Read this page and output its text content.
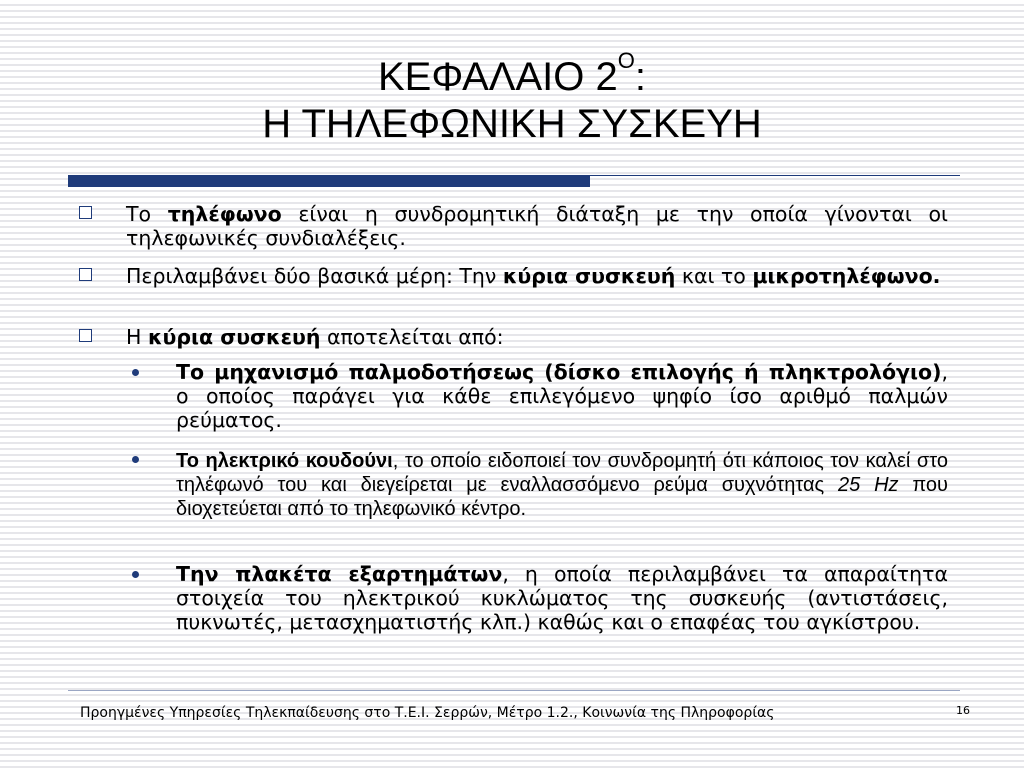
ΚΕΦΑΛΑΙΟ $2^O$:
Η ΤΗΛΕΦΩΝΙΚΗ ΣΥΣΚΕΥΗ
Το τηλέφωνο είναι η συνδρομητική διάταξη με την οποία γίνονται οι τηλεφωνικές συνδιαλέξεις.
Περιλαμβάνει δύο βασικά μέρη: Την κύρια συσκευή και το μικροτηλέφωνο.
Η κύρια συσκευή αποτελείται από:
Το μηχανισμό παλμοδοτήσεως (δίσκο επιλογής ή πληκτρολόγιο), ο οποίος παράγει για κάθε επιλεγόμενο ψηφίο ίσο αριθμό παλμών ρεύματος.
Το ηλεκτρικό κουδούνι, το οποίο ειδοποιεί τον συνδρομητή ότι κάποιος τον καλεί στο τηλέφωνό του και διεγείρεται με εναλλασσόμενο ρεύμα συχνότητας 25 Hz που διοχετεύεται από το τηλεφωνικό κέντρο.
Την πλακέτα εξαρτημάτων, η οποία περιλαμβάνει τα απαραίτητα στοιχεία του ηλεκτρικού κυκλώματος της συσκευής (αντιστάσεις, πυκνωτές, μετασχηματιστής κλπ.) καθώς και ο επαφέας του αγκίστρου.
Προηγμένες Υπηρεσίες Τηλεκπαίδευσης στο Τ.Ε.Ι. Σερρών, Μέτρο 1.2., Κοινωνία της Πληροφορίας	16
